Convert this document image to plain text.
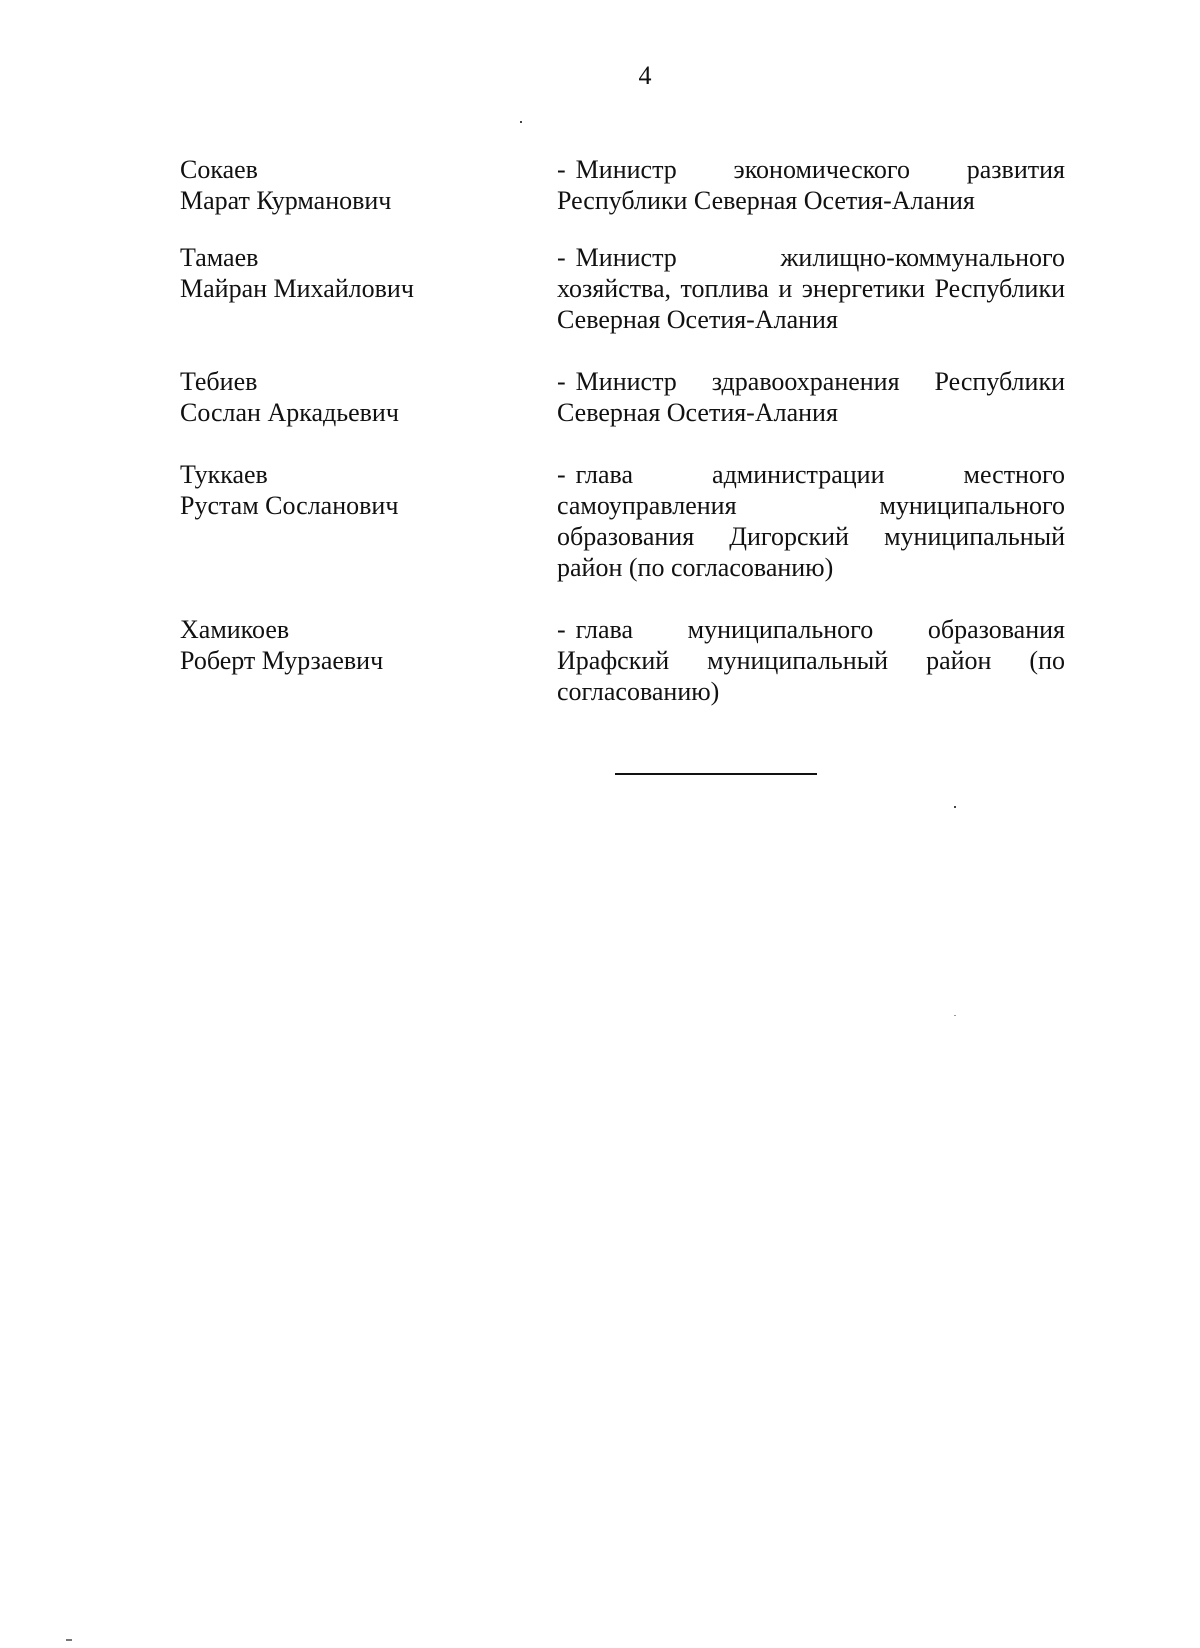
4
Сокаев
Марат Курманович
- Министр экономического развития Республики Северная Осетия-Алания
Тамаев
Майран Михайлович
- Министр жилищно-коммунального хозяйства, топлива и энергетики Республики Северная Осетия-Алания
Тебиев
Сослан Аркадьевич
- Министр здравоохранения Республики Северная Осетия-Алания
Туккаев
Рустам Сосланович
- глава администрации местного самоуправления муниципального образования Дигорский муниципальный район (по согласованию)
Хамикоев
Роберт Мурзаевич
- глава муниципального образования Ирафский муниципальный район (по согласованию)
